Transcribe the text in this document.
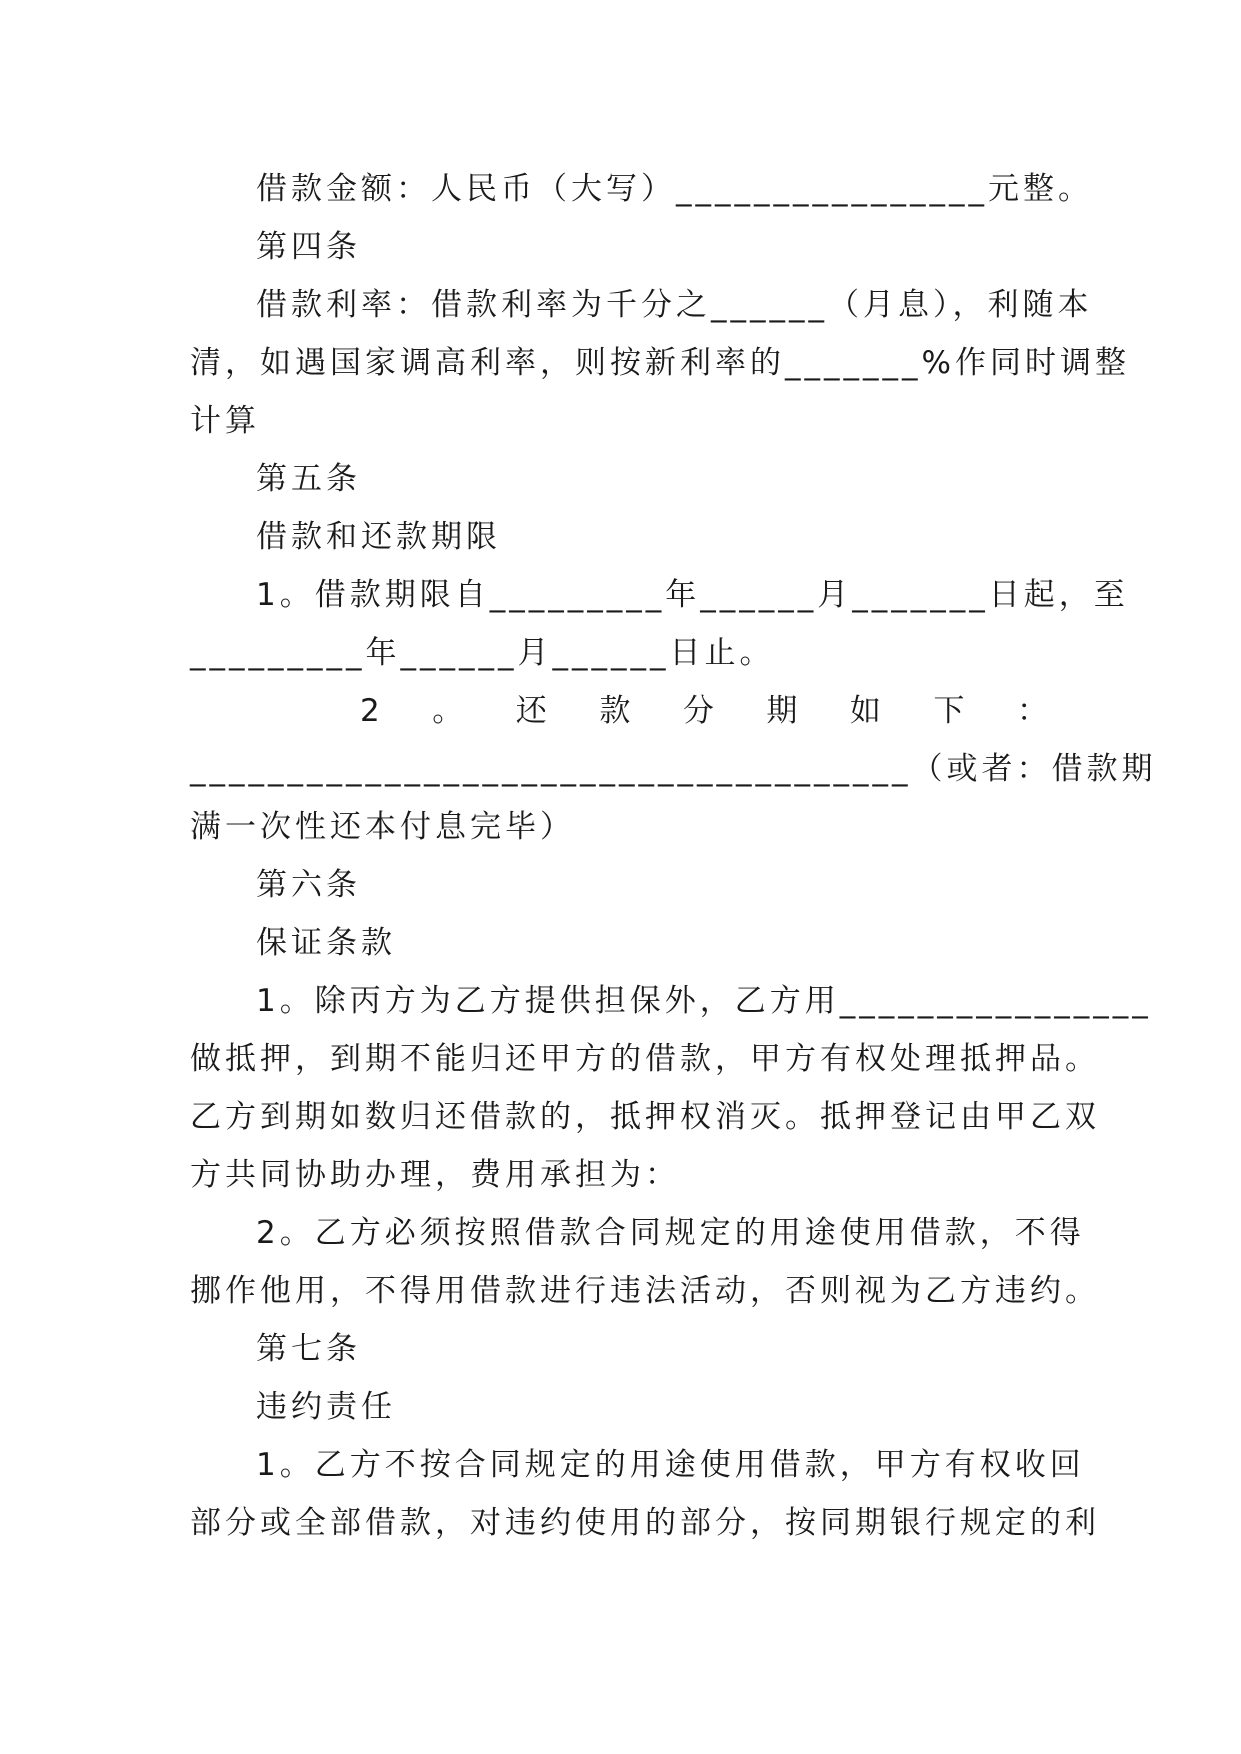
借款金额：人民币（大写）________________元整。
第四条
借款利率：借款利率为千分之______（月息），利随本
清，如遇国家调高利率，则按新利率的_______%作同时调整
计算
第五条
借款和还款期限
1。借款期限自_________年______月_______日起，至
_________年______月______日止。
2 。 还 款 分 期 如 下 ：
_____________________________________（或者：借款期
满一次性还本付息完毕）
第六条
保证条款
1。除丙方为乙方提供担保外，乙方用________________
做抵押，到期不能归还甲方的借款，甲方有权处理抵押品。
乙方到期如数归还借款的，抵押权消灭。抵押登记由甲乙双
方共同协助办理，费用承担为：
2。乙方必须按照借款合同规定的用途使用借款，不得
挪作他用，不得用借款进行违法活动，否则视为乙方违约。
第七条
违约责任
1。乙方不按合同规定的用途使用借款，甲方有权收回
部分或全部借款，对违约使用的部分，按同期银行规定的利
